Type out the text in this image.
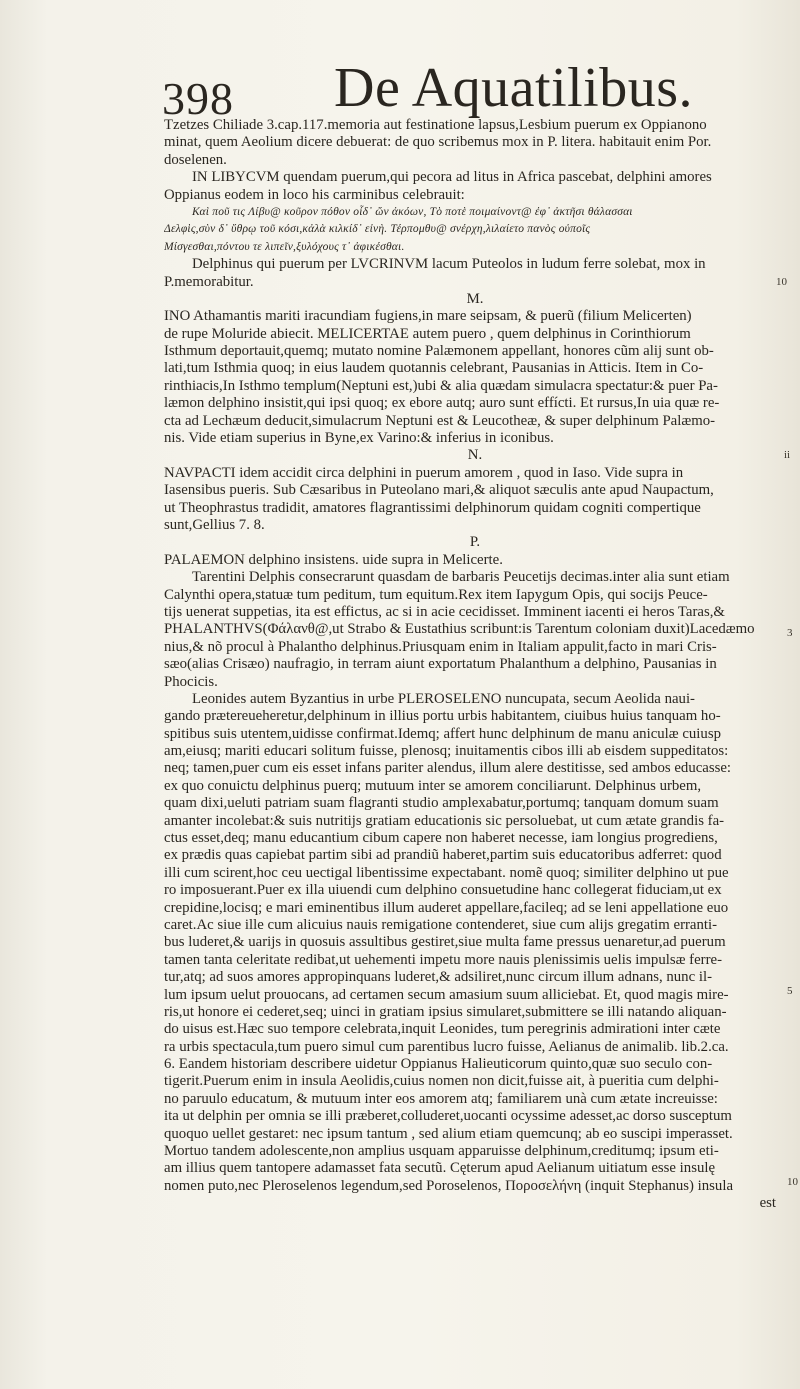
398 De Aquatilibus.
Tzetzes Chiliade 3.cap.117.memoria aut festinatione lapsus,Lesbium puerum ex Oppianono
minat, quem Aeolium dicere debuerat: de quo scribemus mox in P. litera. habitauit enim Por.
doselenen.
IN LIBYCVM quendam puerum,qui pecora ad litus in Africa pascebat, delphini amores
Oppianus eodem in loco his carminibus celebrauit:
Καὶ ποῦ τις Λίβυ@ κοῦρον πόθον οἶδ᾽ ὥν ἀκόων, Τὸ ποτὲ ποιμαίνοντ@ ἐφ᾽ ἀκτῆσι θάλασσαι
Δελφὶς,σὺν δ᾽ ὕθρῳ τοῦ κόσι,κἀλὰ κιλκίδ᾽ εἰνὴ. Τέρπομθυ@ σνέρχη,λιλαίετο πανὸς οὐποῖς
Μίσγεσθαι,πόντου τε λιπεῖν,ξυλόχους τ᾽ ἀφικέσθαι.
Delphinus qui puerum per LVCRINVM lacum Puteolos in ludum ferre solebat, mox in
P.memorabitur.
M.
INO Athamantis mariti iracundiam fugiens,in mare seipsam, & puerũ (filium Melicerten)
de rupe Moluride abiecit. MELICERTAE autem puero , quem delphinus in Corinthiorum
Isthmum deportauit,quemq; mutato nomine Palæmonem appellant, honores cũm alij sunt ob-
lati,tum Isthmia quoq; in eius laudem quotannis celebrant, Pausanias in Atticis. Item in Co-
rinthiacis,In Isthmo templum(Neptuni est,)ubi & alia quædam simulacra spectatur:& puer Pa-
læmon delphino insistit,qui ipsi quoq; ex ebore autq; auro sunt effícti. Et rursus,In uia quæ re-
cta ad Lechæum deducit,simulacrum Neptuni est & Leucotheæ, & super delphinum Palæmo-
nis. Vide etiam superius in Byne,ex Varino:& inferius in iconibus.
N.
NAVPACTI idem accidit circa delphini in puerum amorem , quod in Iaso. Vide supra in
Iasensibus pueris. Sub Cæsaribus in Puteolano mari,& aliquot sæculis ante apud Naupactum,
ut Theophrastus tradidit, amatores flagrantissimi delphinorum quidam cogniti compertique
sunt,Gellius 7. 8.
P.
PALAEMON delphino insistens. uide supra in Melicerte.
Tarentini Delphis consecrarunt quasdam de barbaris Peucetijs decimas.inter alia sunt etiam
Calynthi opera,statuæ tum peditum, tum equitum.Rex item Iapygum Opis, qui socijs Peuce-
tijs uenerat suppetias, ita est effictus, ac si in acie cecidisset. Imminent iacenti ei heros Taras,&
PHALANTHVS(Φάλανθ@,ut Strabo & Eustathius scribunt:is Tarentum coloniam duxit)Lacedæmo
nius,& nõ procul à Phalantho delphinus.Priusquam enim in Italiam appulit,facto in mari Cris-
sæo(alias Crisæo) naufragio, in terram aiunt exportatum Phalanthum a delphino, Pausanias in
Phocicis.
Leonides autem Byzantius in urbe PLEROSELENO nuncupata, secum Aeolida naui-
gando prætereueheretur,delphinum in illius portu urbis habitantem, ciuibus huius tanquam ho-
spitibus suis utentem,uidisse confirmat.Idemq; affert hunc delphinum de manu aniculæ cuiusp
am,eiusq; mariti educari solitum fuisse, plenosq; inuitamentis cibos illi ab eisdem suppeditatos:
neq; tamen,puer cum eis esset infans pariter alendus, illum alere destitisse, sed ambos educasse:
ex quo conuictu delphinus puerq; mutuum inter se amorem conciliarunt. Delphinus urbem,
quam dixi,ueluti patriam suam flagranti studio amplexabatur,portumq; tanquam domum suam
amanter incolebat:& suis nutritijs gratiam educationis sic persoluebat, ut cum ætate grandis fa-
ctus esset,deq; manu educantium cibum capere non haberet necesse, iam longius progrediens,
ex prædis quas capiebat partim sibi ad prandiũ haberet,partim suis educatoribus adferret: quod
illi cum scirent,hoc ceu uectigal libentissime expectabant. nomẽ quoq; similiter delphino ut pue
ro imposuerant.Puer ex illa uiuendi cum delphino consuetudine hanc collegerat fiduciam,ut ex
crepidine,locisq; e mari eminentibus illum auderet appellare,facileq; ad se leni appellatione euo
caret.Ac siue ille cum alicuius nauis remigatione contenderet, siue cum alijs gregatim erranti-
bus luderet,& uarijs in quosuis assultibus gestiret,siue multa fame pressus uenaretur,ad puerum
tamen tanta celeritate redibat,ut uehementi impetu more nauis plenissimis uelis impulsæ ferre-
tur,atq; ad suos amores appropinquans luderet,& adsiliret,nunc circum illum adnans, nunc il-
lum ipsum uelut prouocans, ad certamen secum amasium suum alliciebat. Et, quod magis mire-
ris,ut honore ei cederet,seq; uinci in gratiam ipsius simularet,submittere se illi natando aliquan-
do uisus est.Hæc suo tempore celebrata,inquit Leonides, tum peregrinis admirationi inter cæte
ra urbis spectacula,tum puero simul cum parentibus lucro fuisse, Aelianus de animalib. lib.2.ca.
6. Eandem historiam describere uidetur Oppianus Halieuticorum quinto,quæ suo seculo con-
tigerit.Puerum enim in insula Aeolidis,cuius nomen non dicit,fuisse ait, à pueritia cum delphi-
no paruulo educatum, & mutuum inter eos amorem atq; familiarem unà cum ætate increuisse:
ita ut delphin per omnia se illi præberet,colluderet,uocanti ocyssime adesset,ac dorso susceptum
quoquo uellet gestaret: nec ipsum tantum , sed alium etiam quemcunq; ab eo suscipi imperasset.
Mortuo tandem adolescente,non amplius usquam apparuisse delphinum,creditumq; ipsum eti-
am illius quem tantopere adamasset fata secutũ. Cęterum apud Aelianum uitiatum esse insulę
nomen puto,nec Pleroselenos legendum,sed Poroselenos, Ποροσελήνη (inquit Stephanus) insula
est
10
ii
3
5
10
